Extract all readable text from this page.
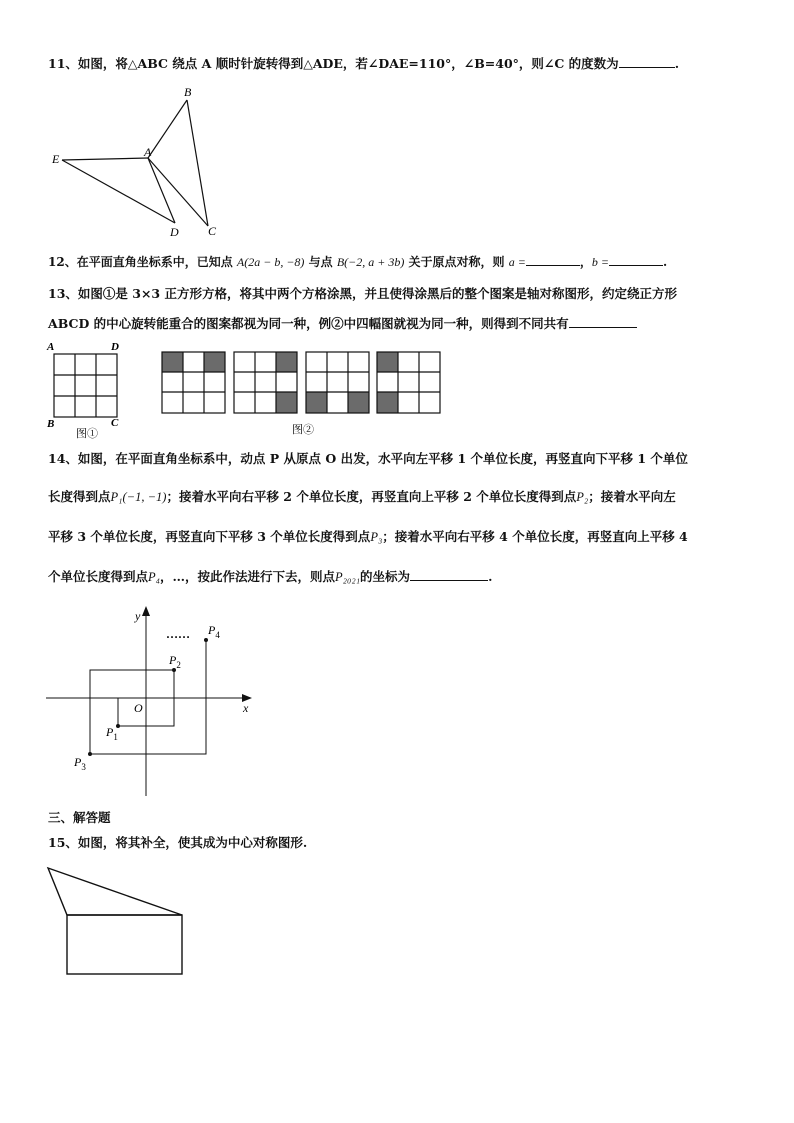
11、如图，将△ABC 绕点 A 顺时针旋转得到△ADE，若∠DAE=110°，∠B=40°，则∠C 的度数为	.
B
A
E
D C
12、在平面直角坐标系中，已知点 A(2a − b, −8) 与点 B(−2, a + 3b) 关于原点对称，则 a =	，b =	.
13、如图①是 3×3 正方形方格，将其中两个方格涂黑，并且使得涂黑后的整个图案是轴对称图形，约定绕正方形
ABCD 的中心旋转能重合的图案都视为同一种，例②中四幅图就视为同一种，则得到不同共有
A	D
B	C
图①	图②
14、如图，在平面直角坐标系中，动点 P 从原点 O 出发，水平向左平移 1 个单位长度，再竖直向下平移 1 个单位
长度得到点P₁(−1, −1)；接着水平向右平移 2 个单位长度，再竖直向上平移 2 个单位长度得到点P₂；接着水平向左
平移 3 个单位长度，再竖直向下平移 3 个单位长度得到点P₃；接着水平向右平移 4 个单位长度，再竖直向上平移 4
个单位长度得到点P₄，…，按此作法进行下去，则点P₂₀₂₁的坐标为	.
y
x
O
……
$P_1$
$P_2$
$P_3$
$P_4$
三、解答题
15、如图，将其补全，使其成为中心对称图形.
